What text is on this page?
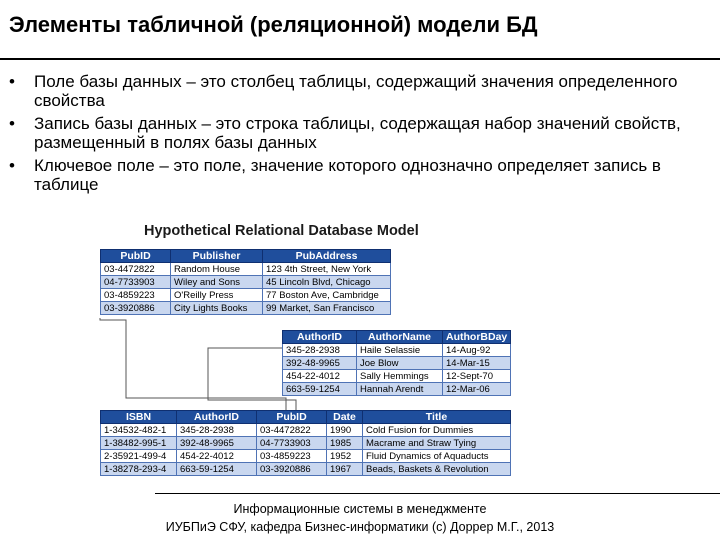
Элементы табличной (реляционной) модели БД
• Поле базы данных – это столбец таблицы, содержащий значения определенного свойства
• Запись базы данных – это строка таблицы, содержащая набор значений свойств, размещенный в полях базы данных
• Ключевое поле – это поле, значение которого однозначно определяет запись в таблице
Hypothetical Relational Database Model
PubID	Publisher	PubAddress
03-4472822	Random House	123 4th Street, New York
04-7733903	Wiley and Sons	45 Lincoln Blvd, Chicago
03-4859223	O'Reilly Press	77 Boston Ave, Cambridge
03-3920886	City Lights Books	99 Market, San Francisco
AuthorID	AuthorName	AuthorBDay
345-28-2938	Haile Selassie	14-Aug-92
392-48-9965	Joe Blow	14-Mar-15
454-22-4012	Sally Hemmings	12-Sept-70
663-59-1254	Hannah Arendt	12-Mar-06
ISBN	AuthorID	PubID	Date	Title
1-34532-482-1	345-28-2938	03-4472822	1990	Cold Fusion for Dummies
1-38482-995-1	392-48-9965	04-7733903	1985	Macrame and Straw Tying
2-35921-499-4	454-22-4012	03-4859223	1952	Fluid Dynamics of Aquaducts
1-38278-293-4	663-59-1254	03-3920886	1967	Beads, Baskets & Revolution
Информационные системы в менеджменте
ИУБПиЭ СФУ, кафедра Бизнес-информатики (c) Доррер М.Г., 2013
